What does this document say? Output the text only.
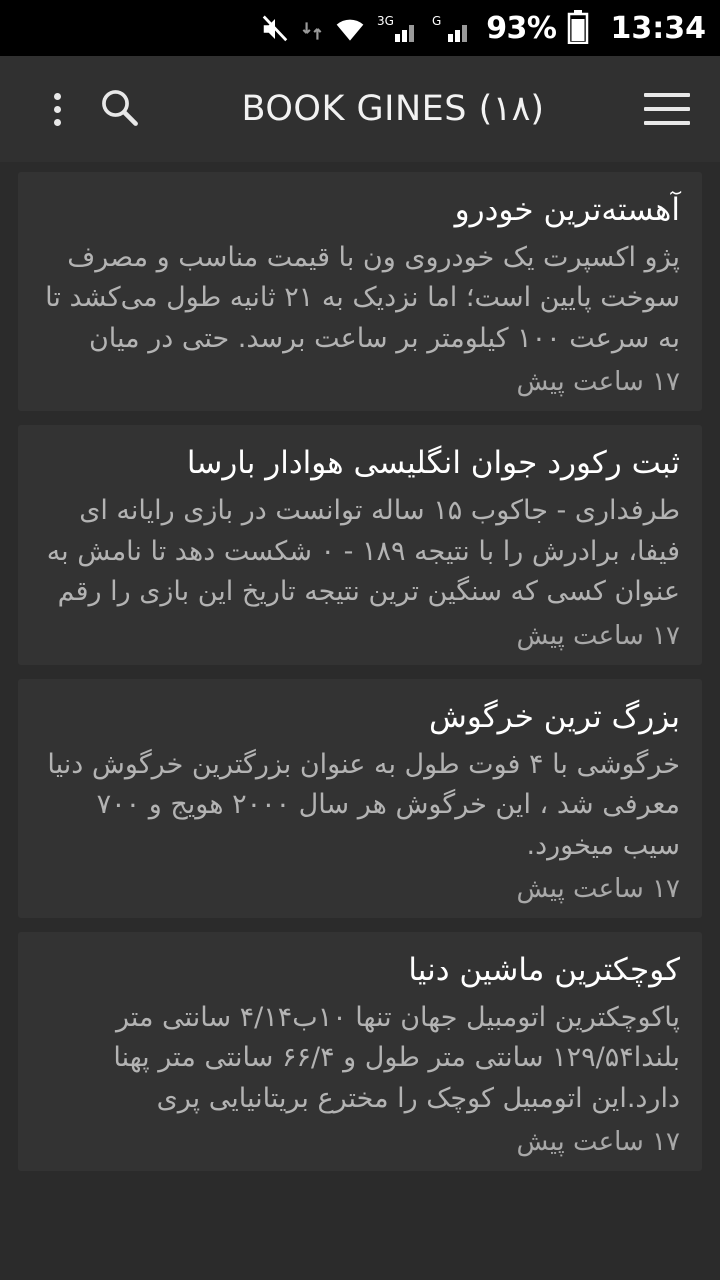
3G	G 93% 13:34
BOOK GINES (۱۸)
آهسته‌ترین خودرو
پژو اکسپرت یک خودروی ون با قیمت مناسب و مصرف سوخت پایین است؛ اما نزدیک به ۲۱ ثانیه طول می‌کشد تا به سرعت ۱۰۰ کیلومتر بر ساعت برسد. حتی در میان
۱۷ ساعت پیش
ثبت رکورد جوان انگلیسی هوادار بارسا
طرفداری - جاکوب ۱۵ ساله توانست در بازی رایانه ای فیفا، برادرش را با نتیجه ۱۸۹ - ۰ شکست دهد تا نامش به عنوان کسی که سنگین ترین نتیجه تاریخ این بازی را رقم
۱۷ ساعت پیش
بزرگ ترین خرگوش
خرگوشی با ۴ فوت طول به عنوان بزرگترین خرگوش دنیا معرفی شد ، این خرگوش هر سال ۲۰۰۰ هویج و ۷۰۰ سیب میخورد.
۱۷ ساعت پیش
کوچکترین ماشین دنیا
پاکوچکترین اتومبیل جهان تنها ۱۰ب۴/۱۴ سانتی متر بلندا۱۲۹/۵۴ سانتی متر طول و ۶۶/۴ سانتی متر پهنا دارد.این اتومبیل کوچک را مخترع بریتانیایی پری
۱۷ ساعت پیش
